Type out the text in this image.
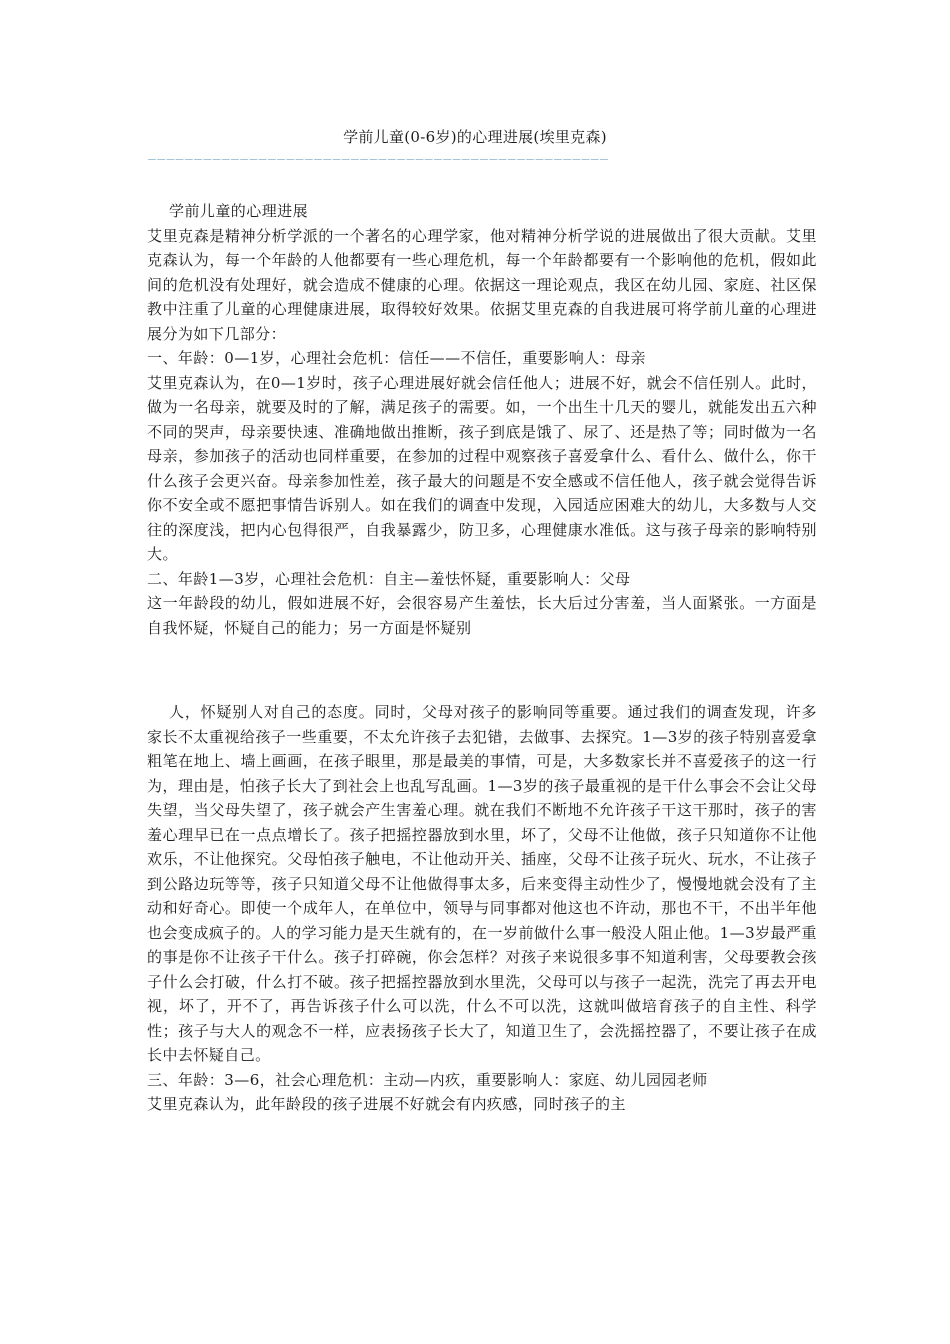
学前儿童(0-6岁)的心理进展(埃里克森)
——————————————————————————————————————————————————

学前儿童的心理进展

艾里克森是精神分析学派的一个著名的心理学家，他对精神分析学说的进展做出了很大贡献。艾里克森认为，每一个年龄的人他都要有一些心理危机，每一个年龄都要有一个影响他的危机，假如此间的危机没有处理好，就会造成不健康的心理。依据这一理论观点，我区在幼儿园、家庭、社区保教中注重了儿童的心理健康进展，取得较好效果。依据艾里克森的自我进展可将学前儿童的心理进展分为如下几部分：

一、年龄：0—1岁，心理社会危机：信任——不信任，重要影响人：母亲

艾里克森认为，在0—1岁时，孩子心理进展好就会信任他人；进展不好，就会不信任别人。此时，做为一名母亲，就要及时的了解，满足孩子的需要。如，一个出生十几天的婴儿，就能发出五六种不同的哭声，母亲要快速、准确地做出推断，孩子到底是饿了、尿了、还是热了等；同时做为一名母亲，参加孩子的活动也同样重要，在参加的过程中观察孩子喜爱拿什么、看什么、做什么，你干什么孩子会更兴奋。母亲参加性差，孩子最大的问题是不安全感或不信任他人，孩子就会觉得告诉你不安全或不愿把事情告诉别人。如在我们的调查中发现，入园适应困难大的幼儿，大多数与人交往的深度浅，把内心包得很严，自我暴露少，防卫多，心理健康水准低。这与孩子母亲的影响特别大。

二、年龄1—3岁，心理社会危机：自主—羞怯怀疑，重要影响人：父母

这一年龄段的幼儿，假如进展不好，会很容易产生羞怯，长大后过分害羞，当人面紧张。一方面是自我怀疑，怀疑自己的能力；另一方面是怀疑别

人，怀疑别人对自己的态度。同时，父母对孩子的影响同等重要。通过我们的调查发现，许多家长不太重视给孩子一些重要，不太允许孩子去犯错，去做事、去探究。1—3岁的孩子特别喜爱拿粗笔在地上、墙上画画，在孩子眼里，那是最美的事情，可是，大多数家长并不喜爱孩子的这一行为，理由是，怕孩子长大了到社会上也乱写乱画。1—3岁的孩子最重视的是干什么事会不会让父母失望，当父母失望了，孩子就会产生害羞心理。就在我们不断地不允许孩子干这干那时，孩子的害羞心理早已在一点点增长了。孩子把摇控器放到水里，坏了，父母不让他做，孩子只知道你不让他欢乐，不让他探究。父母怕孩子触电，不让他动开关、插座，父母不让孩子玩火、玩水，不让孩子到公路边玩等等，孩子只知道父母不让他做得事太多，后来变得主动性少了，慢慢地就会没有了主动和好奇心。即使一个成年人，在单位中，领导与同事都对他这也不许动，那也不干，不出半年他也会变成疯子的。人的学习能力是天生就有的，在一岁前做什么事一般没人阻止他。1—3岁最严重的事是你不让孩子干什么。孩子打碎碗，你会怎样？对孩子来说很多事不知道利害，父母要教会孩子什么会打破，什么打不破。孩子把摇控器放到水里洗，父母可以与孩子一起洗，洗完了再去开电视，坏了，开不了，再告诉孩子什么可以洗，什么不可以洗，这就叫做培育孩子的自主性、科学性；孩子与大人的观念不一样，应表扬孩子长大了，知道卫生了，会洗摇控器了，不要让孩子在成长中去怀疑自己。

三、年龄：3—6，社会心理危机：主动—内疚，重要影响人：家庭、幼儿园园老师

艾里克森认为，此年龄段的孩子进展不好就会有内疚感，同时孩子的主
